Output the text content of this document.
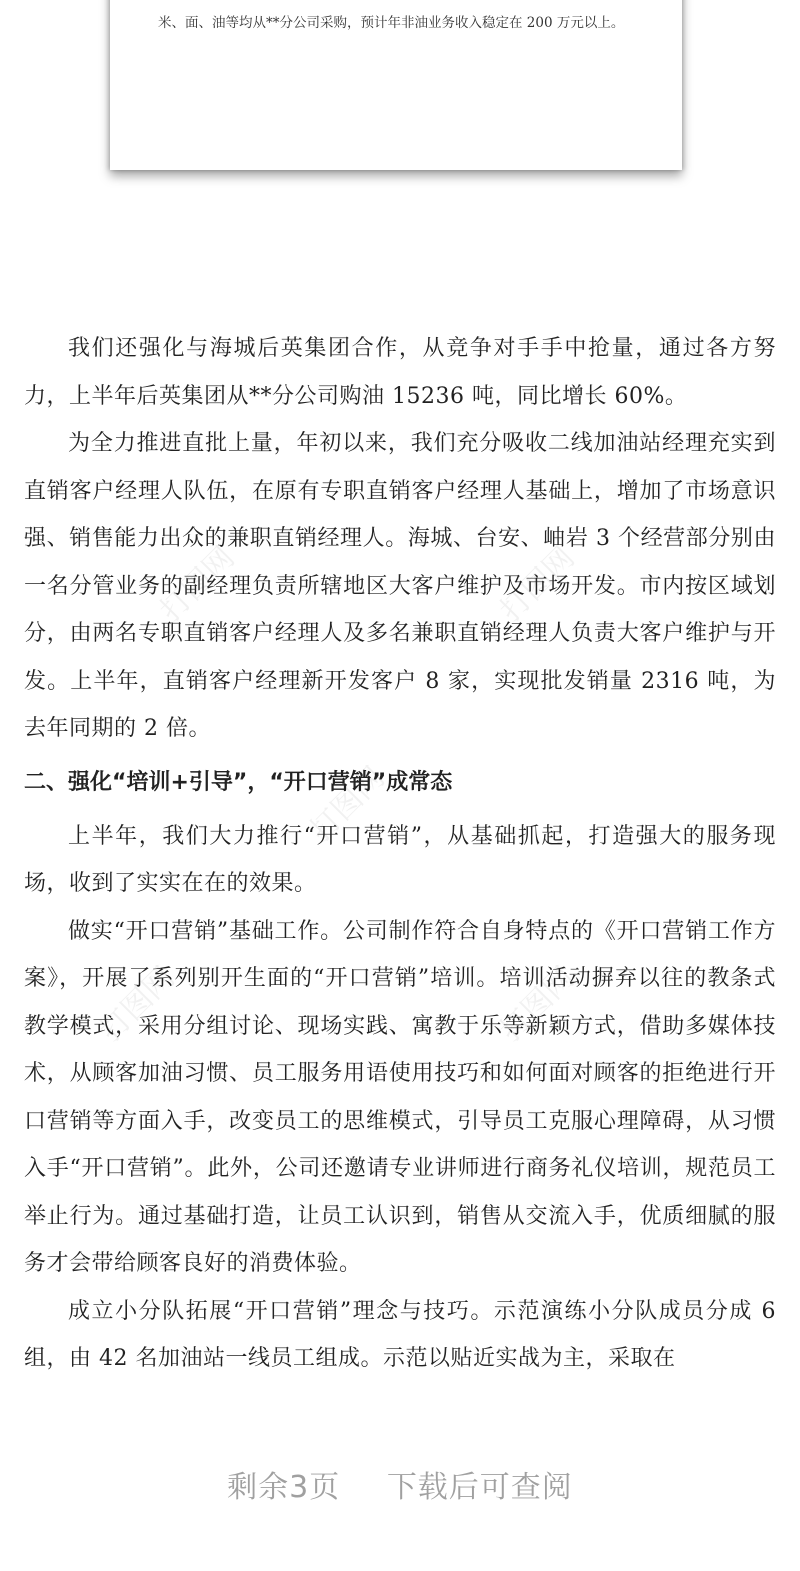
米、面、油等均从**分公司采购，预计年非油业务收入稳定在 200 万元以上。
打图网	打图网
打图网
打图网	打图网

我们还强化与海城后英集团合作，从竞争对手手中抢量，通过各方努力，上半年后英集团从**分公司购油 15236 吨，同比增长 60%。

为全力推进直批上量，年初以来，我们充分吸收二线加油站经理充实到直销客户经理人队伍，在原有专职直销客户经理人基础上，增加了市场意识强、销售能力出众的兼职直销经理人。海城、台安、岫岩 3 个经营部分别由一名分管业务的副经理负责所辖地区大客户维护及市场开发。市内按区域划分，由两名专职直销客户经理人及多名兼职直销经理人负责大客户维护与开发。上半年，直销客户经理新开发客户 8 家，实现批发销量 2316 吨，为去年同期的 2 倍。

二、强化“培训+引导”，“开口营销”成常态

上半年，我们大力推行“开口营销”，从基础抓起，打造强大的服务现场，收到了实实在在的效果。

做实“开口营销”基础工作。公司制作符合自身特点的《开口营销工作方案》，开展了系列别开生面的“开口营销”培训。培训活动摒弃以往的教条式教学模式，采用分组讨论、现场实践、寓教于乐等新颖方式，借助多媒体技术，从顾客加油习惯、员工服务用语使用技巧和如何面对顾客的拒绝进行开口营销等方面入手，改变员工的思维模式，引导员工克服心理障碍，从习惯入手“开口营销”。此外，公司还邀请专业讲师进行商务礼仪培训，规范员工举止行为。通过基础打造，让员工认识到，销售从交流入手，优质细腻的服务才会带给顾客良好的消费体验。

成立小分队拓展“开口营销”理念与技巧。示范演练小分队成员分成 6 组，由 42 名加油站一线员工组成。示范以贴近实战为主，采取在

剩余3页 下载后可查阅
